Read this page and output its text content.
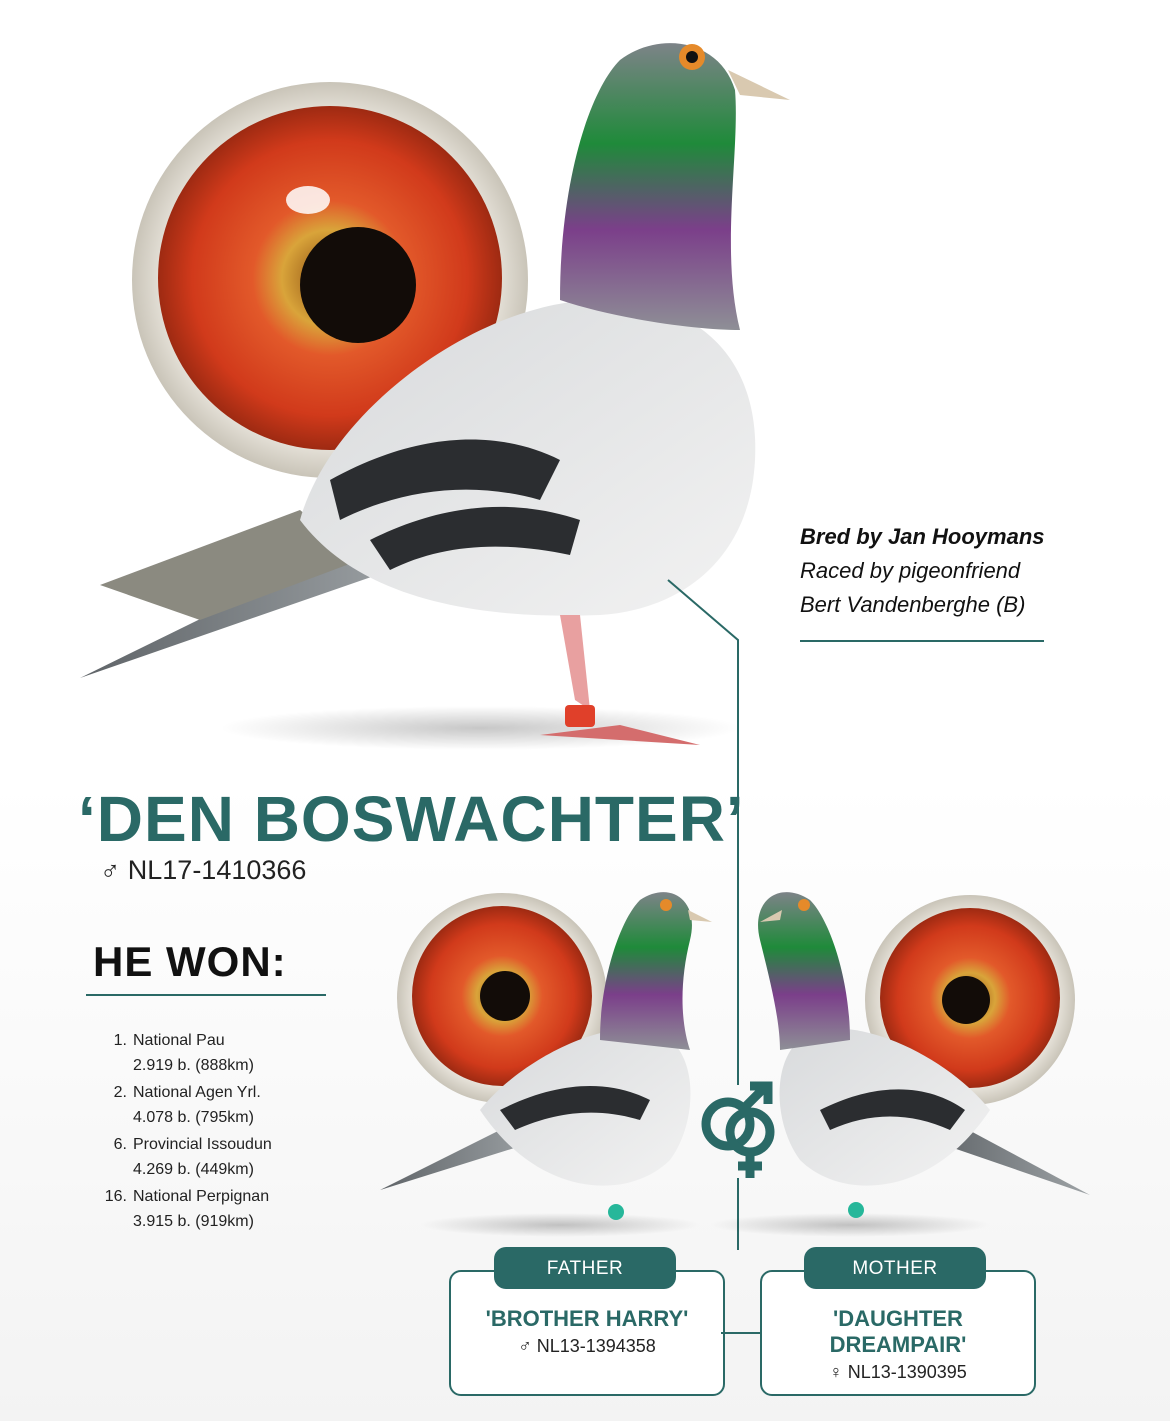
‘DEN BOSWACHTER’
♂ NL17-1410366
Bred by Jan Hooymans
Raced by pigeonfriend
Bert Vandenberghe (B)
HE WON:
1. National Pau
2.919 b. (888km)
2. National Agen Yrl.
4.078 b. (795km)
6. Provincial Issoudun
4.269 b. (449km)
16. National Perpignan
3.915 b. (919km)
'BROTHER HARRY'
♂ NL13-1394358
FATHER
'DAUGHTER DREAMPAIR'
♀ NL13-1390395
MOTHER
